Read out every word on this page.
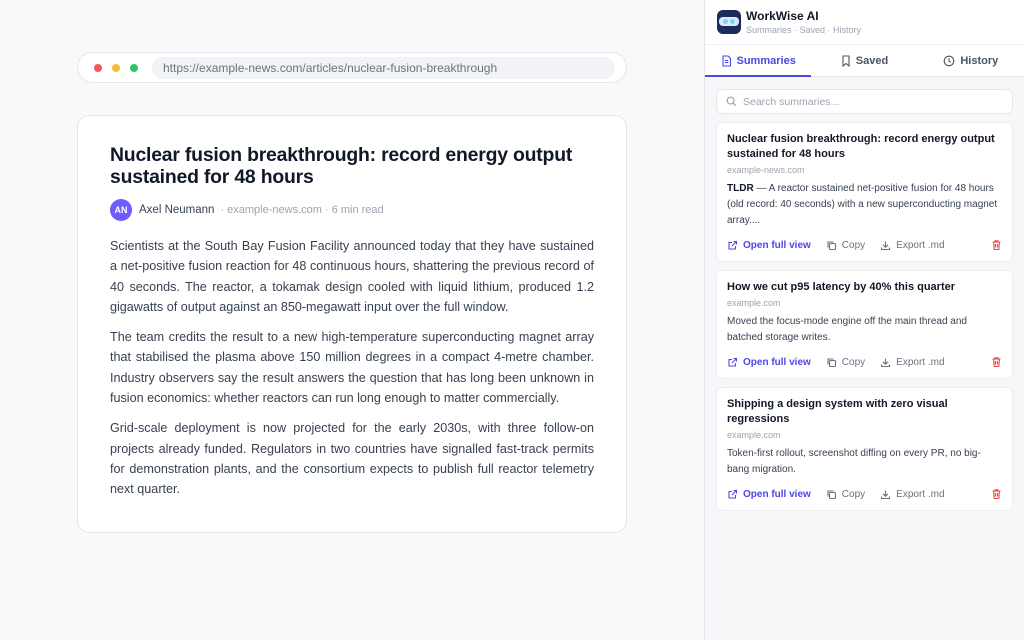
https://example-news.com/articles/nuclear-fusion-breakthrough
Nuclear fusion breakthrough: record energy output sustained for 48 hours
AN	Axel Neumann · example-news.com · 6 min read

Scientists at the South Bay Fusion Facility announced today that they have sustained a net-positive fusion reaction for 48 continuous hours, shattering the previous record of 40 seconds. The reactor, a tokamak design cooled with liquid lithium, produced 1.2 gigawatts of output against an 850-megawatt input over the full window.

The team credits the result to a new high-temperature superconducting magnet array that stabilised the plasma above 150 million degrees in a compact 4-metre chamber. Industry observers say the result answers the question that has long been unknown in fusion economics: whether reactors can run long enough to matter commercially.

Grid-scale deployment is now projected for the early 2030s, with three follow-on projects already funded. Regulators in two countries have signalled fast-track permits for demonstration plants, and the consortium expects to publish full reactor telemetry next quarter.

WorkWise AI
Summaries · Saved · History
Summaries	Saved	History
Search summaries...
Nuclear fusion breakthrough: record energy output sustained for 48 hours
example-news.com
TLDR — A reactor sustained net-positive fusion for 48 hours (old record: 40 seconds) with a new superconducting magnet array....
Open full view	Copy	Export .md
How we cut p95 latency by 40% this quarter
example.com
Moved the focus-mode engine off the main thread and batched storage writes.
Open full view	Copy	Export .md
Shipping a design system with zero visual regressions
example.com
Token-first rollout, screenshot diffing on every PR, no big-bang migration.
Open full view	Copy	Export .md
